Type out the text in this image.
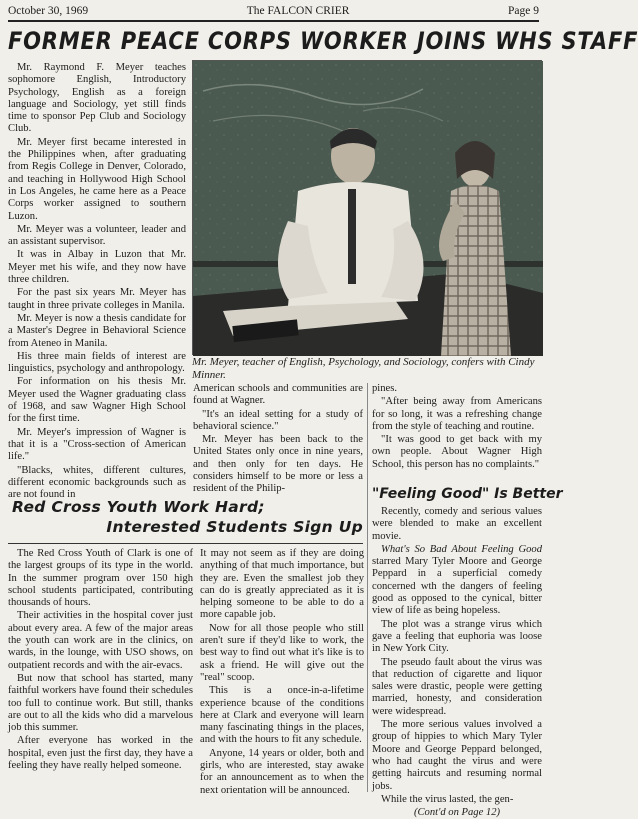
October 30, 1969	The FALCON CRIER	Page 9
FORMER PEACE CORPS WORKER JOINS WHS STAFF

Mr. Raymond F. Meyer teaches sophomore English, Introductory Psychology, English as a foreign language and Sociology, yet still finds time to sponsor Pep Club and Sociology Club.

Mr. Meyer first became interested in the Philippines when, after graduating from Regis College in Denver, Colorado, and teaching in Hollywood High School in Los Angeles, he came here as a Peace Corps worker assigned to southern Luzon.

Mr. Meyer was a volunteer, leader and an assistant supervisor.

It was in Albay in Luzon that Mr. Meyer met his wife, and they now have three children.

For the past six years Mr. Meyer has taught in three private colleges in Manila.

Mr. Meyer is now a thesis candidate for a Master's Degree in Behavioral Science from Ateneo in Manila.

His three main fields of interest are linguistics, psychology and anthropology.

For information on his thesis Mr. Meyer used the Wagner graduating class of 1968, and saw Wagner High School for the first time.

Mr. Meyer's impression of Wagner is that it is a "Cross-section of American life."

"Blacks, whites, different cultures, different economic backgrounds such as are not found in

Mr. Meyer, teacher of English, Psychology, and Sociology, confers with Cindy Minner.

American schools and communities are found at Wagner.

"It's an ideal setting for a study of behavioral science."

Mr. Meyer has been back to the United States only once in nine years, and then only for ten days. He considers himself to be more or less a resident of the Philip-

pines.

"After being away from Americans for so long, it was a refreshing change from the style of teaching and routine.

"It was good to get back with my own people. About Wagner High School, this person has no complaints."

"Feeling Good" Is Better
Red Cross Youth Work Hard;
Interested Students Sign Up

The Red Cross Youth of Clark is one of the largest groups of its type in the world. In the summer program over 150 high school students participated, contributing thousands of hours.

Their activities in the hospital cover just about every area. A few of the major areas the youth can work are in the clinics, on wards, in the lounge, with USO shows, on outpatient records and with the air-evacs.

But now that school has started, many faithful workers have found their schedules too full to continue work. But still, thanks are out to all the kids who did a marvelous job this summer.

After everyone has worked in the hospital, even just the first day, they have a feeling they have really helped someone.

It may not seem as if they are doing anything of that much importance, but they are. Even the smallest job they can do is greatly appreciated as it is helping someone to be able to do a more capable job.

Now for all those people who still aren't sure if they'd like to work, the best way to find out what it's like is to ask a friend. He will give out the "real" scoop.

This is a once-in-a-lifetime experience bcause of the conditions here at Clark and everyone will learn many fascinating things in the places, and with the hours to fit any schedule.

Anyone, 14 years or older, both and girls, who are interested, stay awake for an announcement as to when the next orientation will be announced.

Recently, comedy and serious values were blended to make an excellent movie.

What's So Bad About Feeling Good starred Mary Tyler Moore and George Peppard in a superficial comedy concerned wth the dangers of feeling good as opposed to the cynical, bitter view of life as being hopeless.

The plot was a strange virus which gave a feeling that euphoria was loose in New York City.

The pseudo fault about the virus was that reduction of cigarette and liquor sales were drastic, people were getting married, honesty, and consideration were widespread.

The more serious values involved a group of hippies to which Mary Tyler Moore and George Peppard belonged, who had caught the virus and were getting haircuts and resuming normal jobs.

While the virus lasted, the gen-

(Cont'd on Page 12)
